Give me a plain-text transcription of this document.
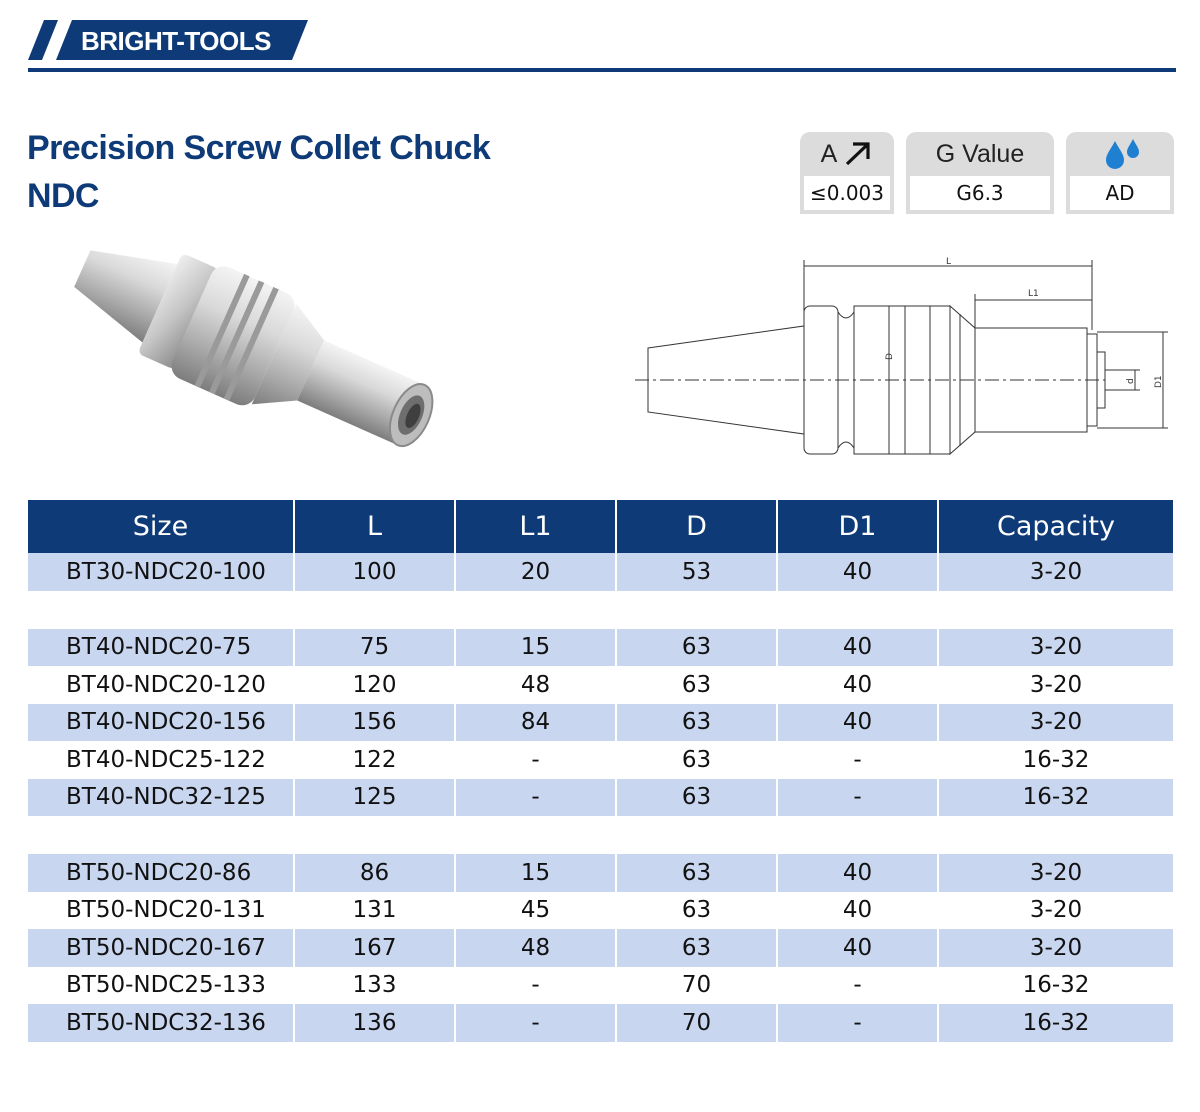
BRIGHT-TOOLS
Precision Screw Collet Chuck
NDC
A
≤0.003
G Value
G6.3	AD
L
L1
D
D1
d
Size	L	L1	D	D1	Capacity
BT30-NDC20-100	100	20	53	40	3-20

BT40-NDC20-75	75	15	63	40	3-20
BT40-NDC20-120	120	48	63	40	3-20
BT40-NDC20-156	156	84	63	40	3-20
BT40-NDC25-122	122	-	63	-	16-32
BT40-NDC32-125	125	-	63	-	16-32

BT50-NDC20-86	86	15	63	40	3-20
BT50-NDC20-131	131	45	63	40	3-20
BT50-NDC20-167	167	48	63	40	3-20
BT50-NDC25-133	133	-	70	-	16-32
BT50-NDC32-136	136	-	70	-	16-32
